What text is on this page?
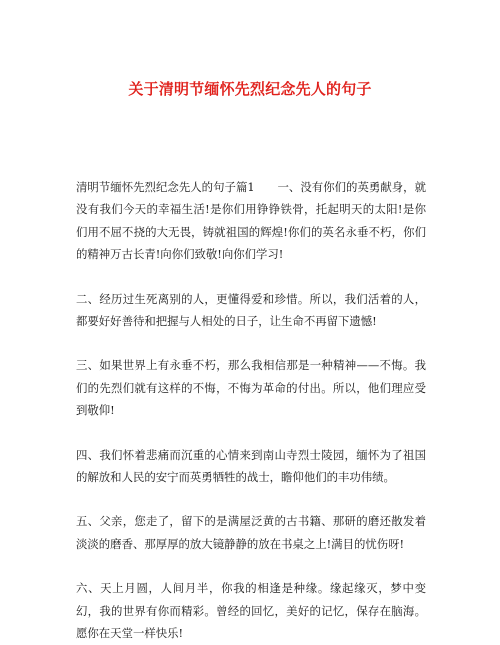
关于清明节缅怀先烈纪念先人的句子

清明节缅怀先烈纪念先人的句子篇1　　一、没有你们的英勇献身，就没有我们今天的幸福生活!是你们用铮铮铁骨，托起明天的太阳!是你们用不屈不挠的大无畏，铸就祖国的辉煌!你们的英名永垂不朽，你们的精神万古长青!向你们致敬!向你们学习!

二、经历过生死离别的人，更懂得爱和珍惜。所以，我们活着的人，都要好好善待和把握与人相处的日子，让生命不再留下遗憾!

三、如果世界上有永垂不朽，那么我相信那是一种精神——不悔。我们的先烈们就有这样的不悔，不悔为革命的付出。所以，他们理应受到敬仰!

四、我们怀着悲痛而沉重的心情来到南山寺烈士陵园，缅怀为了祖国的解放和人民的安宁而英勇牺牲的战士，瞻仰他们的丰功伟绩。

五、父亲，您走了，留下的是满屋泛黄的古书籍、那研的磨还散发着淡淡的磨香、那厚厚的放大镜静静的放在书桌之上!满目的忧伤呀!

六、天上月圆，人间月半，你我的相逢是种缘。缘起缘灭，梦中变幻，我的世界有你而精彩。曾经的回忆，美好的记忆，保存在脑海。愿你在天堂一样快乐!
